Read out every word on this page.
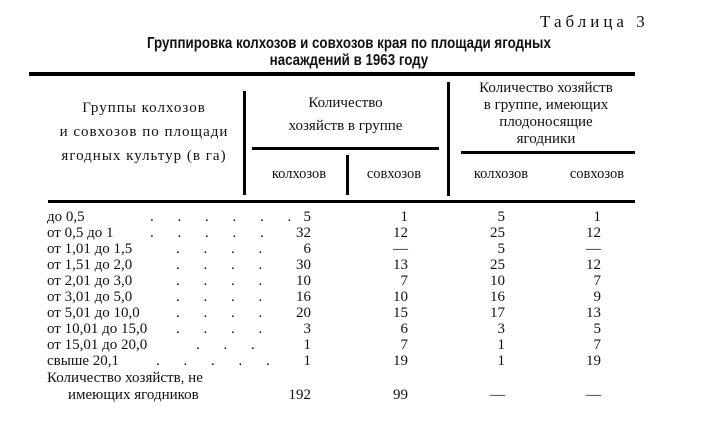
Таблица 3
Группировка колхозов и совхозов края по площади ягодных
насаждений в 1963 году
Группы колхозов
и совхозов по площади
ягодных культур (в га)
Количество
хозяйств в группе
колхозов	совхозов
Количество хозяйств
в группе, имеющих
плодоносящие
ягодники
колхозов	совхозов
до 0,5	. . . . . . 5	1	5	1
от 0,5 до 1 . . . . .	32	12	25	12
от 1,01 до 1,5	. . . .	6	—	5	—
от 1,51 до 2,0	. . . .	30	13	25	12
от 2,01 до 3,0	. . . .	10	7	10	7
от 3,01 до 5,0	. . . .	16	10	16	9
от 5,01 до 10,0 . . . .	20	15	17	13
от 10,01 до 15,0 . . . .	3	6	3	5
от 15,01 до 20,0	. . .	1	7	1	7
свыше 20,1 . . . . .	1	19	1	19
Количество хозяйств, не
имеющих ягодников	192	99	—	—
